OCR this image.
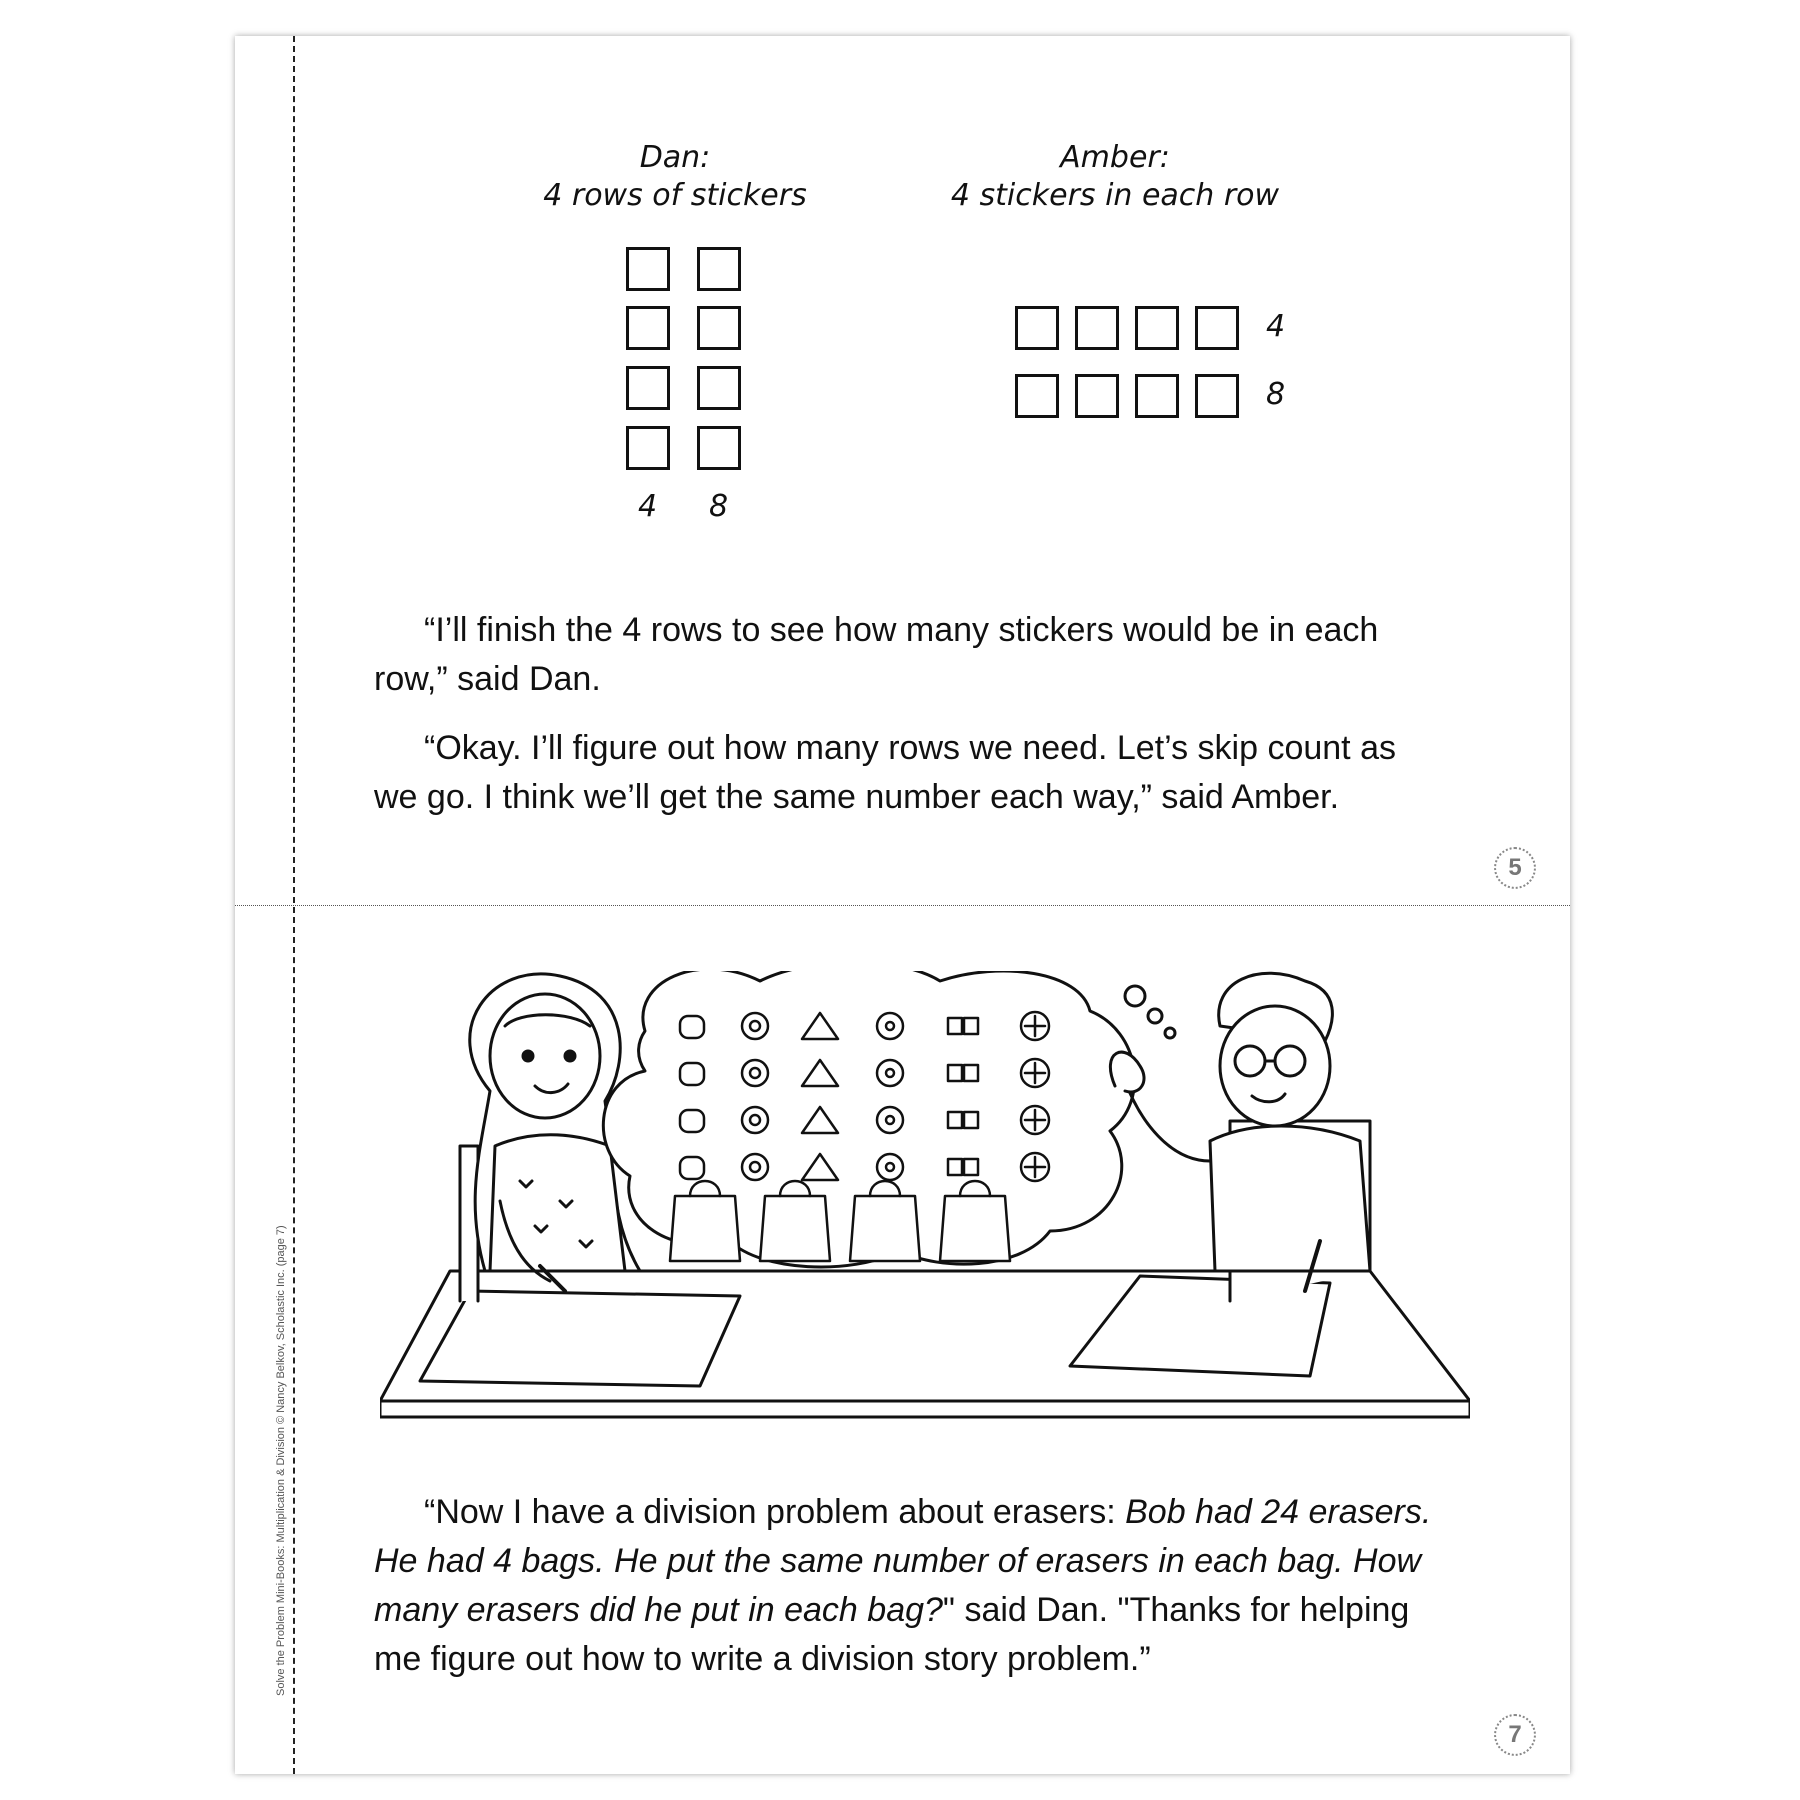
Solve the Problem Mini-Books: Multiplication & Division © Nancy Belkov, Scholastic Inc. (page 7)
Dan:
4 rows of stickers
4 8
Amber:
4 stickers in each row
4
8

“I’ll finish the 4 rows to see how many stickers would be in each row,” said Dan.

“Okay. I’ll figure out how many rows we need. Let’s skip count as we go. I think we’ll get the same number each way,” said Amber.

5

“Now I have a division problem about erasers: Bob had 24 erasers. He had 4 bags. He put the same number of erasers in each bag. How many erasers did he put in each bag?" said Dan. "Thanks for helping me figure out how to write a division story problem.”

7
